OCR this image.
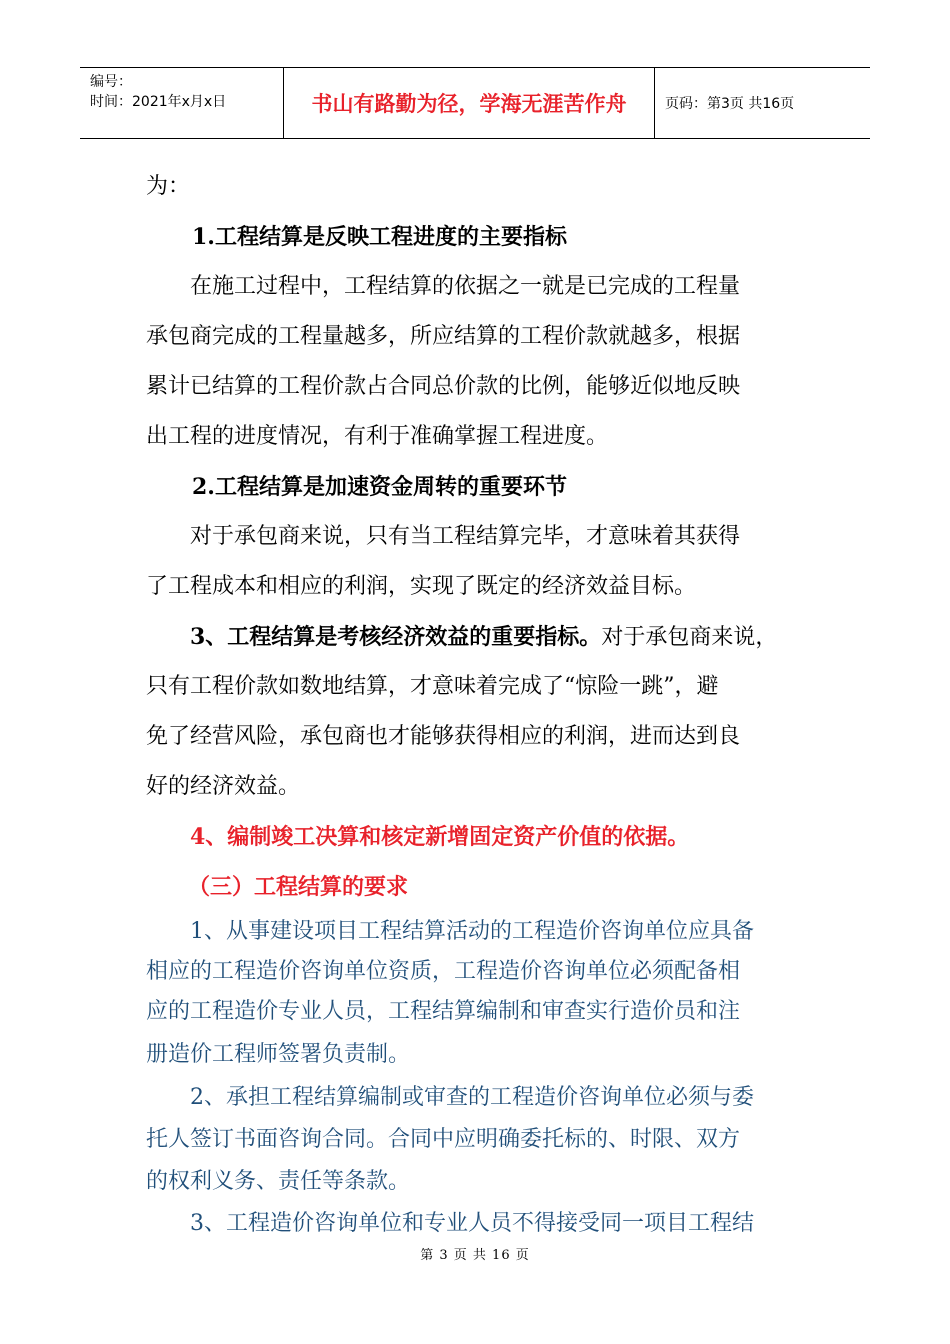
编号：
时间：2021年x月x日	书山有路勤为径，学海无涯苦作舟	页码：第3页 共16页
为：
1.工程结算是反映工程进度的主要指标
在施工过程中，工程结算的依据之一就是已完成的工程量
承包商完成的工程量越多，所应结算的工程价款就越多，根据
累计已结算的工程价款占合同总价款的比例，能够近似地反映
出工程的进度情况，有利于准确掌握工程进度。
2.工程结算是加速资金周转的重要环节
对于承包商来说，只有当工程结算完毕，才意味着其获得
了工程成本和相应的利润，实现了既定的经济效益目标。
3、工程结算是考核经济效益的重要指标。对于承包商来说，
只有工程价款如数地结算，才意味着完成了“惊险一跳”，避
免了经营风险，承包商也才能够获得相应的利润，进而达到良
好的经济效益。
4、编制竣工决算和核定新增固定资产价值的依据。
（三）工程结算的要求
1、从事建设项目工程结算活动的工程造价咨询单位应具备
相应的工程造价咨询单位资质，工程造价咨询单位必须配备相
应的工程造价专业人员，工程结算编制和审查实行造价员和注
册造价工程师签署负责制。
2、承担工程结算编制或审查的工程造价咨询单位必须与委
托人签订书面咨询合同。合同中应明确委托标的、时限、双方
的权利义务、责任等条款。
3、工程造价咨询单位和专业人员不得接受同一项目工程结
第 3 页 共 16 页
